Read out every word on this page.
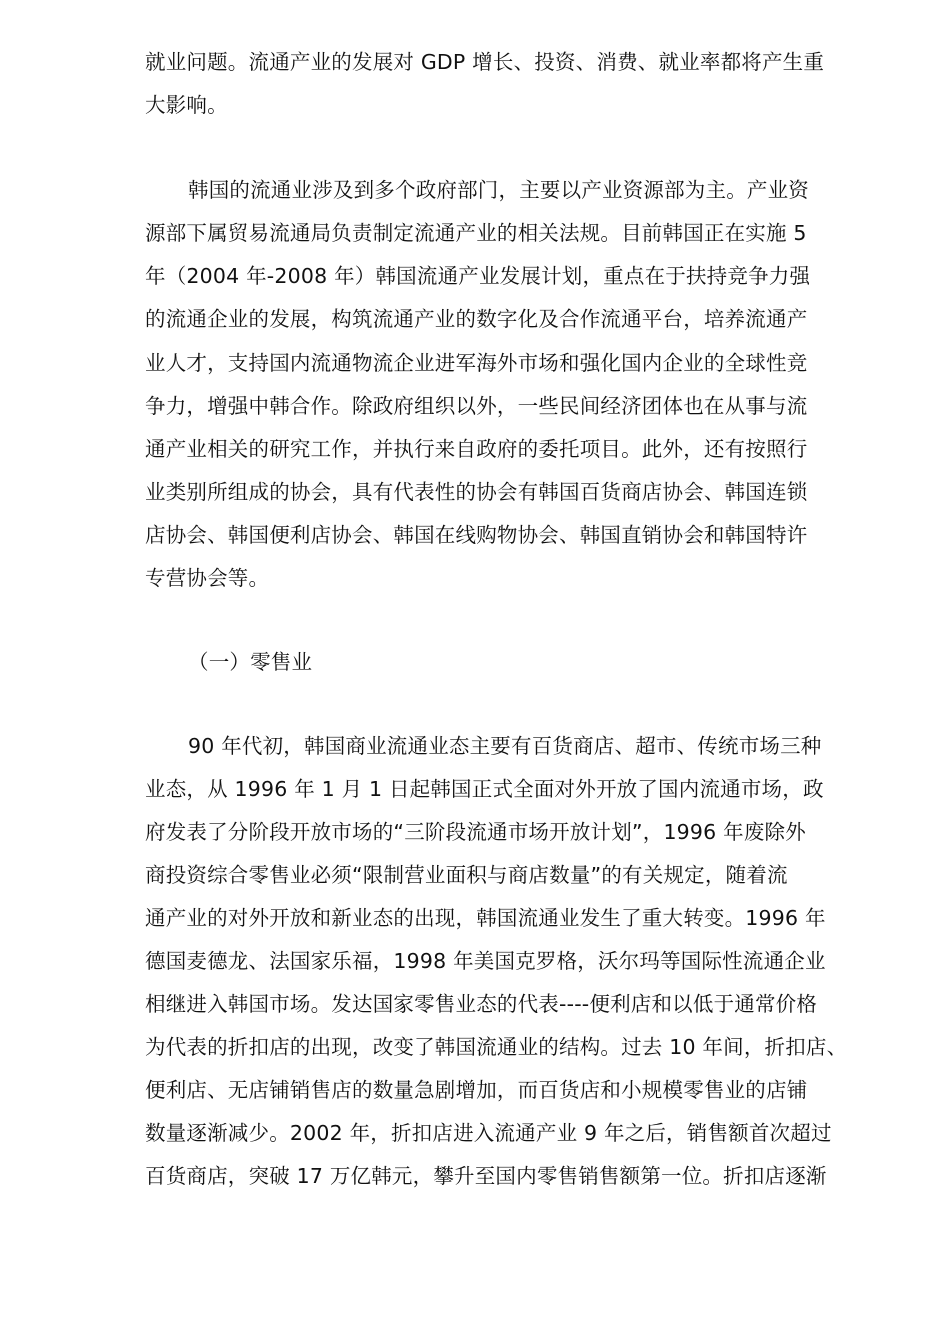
就业问题。流通产业的发展对 GDP 增长、投资、消费、就业率都将产生重
大影响。
韩国的流通业涉及到多个政府部门，主要以产业资源部为主。产业资
源部下属贸易流通局负责制定流通产业的相关法规。目前韩国正在实施 5
年（2004 年-2008 年）韩国流通产业发展计划，重点在于扶持竞争力强
的流通企业的发展，构筑流通产业的数字化及合作流通平台，培养流通产
业人才，支持国内流通物流企业进军海外市场和强化国内企业的全球性竞
争力，增强中韩合作。除政府组织以外，一些民间经济团体也在从事与流
通产业相关的研究工作，并执行来自政府的委托项目。此外，还有按照行
业类别所组成的协会，具有代表性的协会有韩国百货商店协会、韩国连锁
店协会、韩国便利店协会、韩国在线购物协会、韩国直销协会和韩国特许
专营协会等。
（一）零售业
90 年代初，韩国商业流通业态主要有百货商店、超市、传统市场三种
业态，从 1996 年 1 月 1 日起韩国正式全面对外开放了国内流通市场，政
府发表了分阶段开放市场的“三阶段流通市场开放计划”，1996 年废除外
商投资综合零售业必须“限制营业面积与商店数量”的有关规定，随着流
通产业的对外开放和新业态的出现，韩国流通业发生了重大转变。1996 年
德国麦德龙、法国家乐福，1998 年美国克罗格，沃尔玛等国际性流通企业
相继进入韩国市场。发达国家零售业态的代表----便利店和以低于通常价格
为代表的折扣店的出现，改变了韩国流通业的结构。过去 10 年间，折扣店、
便利店、无店铺销售店的数量急剧增加，而百货店和小规模零售业的店铺
数量逐渐减少。2002 年，折扣店进入流通产业 9 年之后，销售额首次超过
百货商店，突破 17 万亿韩元，攀升至国内零售销售额第一位。折扣店逐渐
